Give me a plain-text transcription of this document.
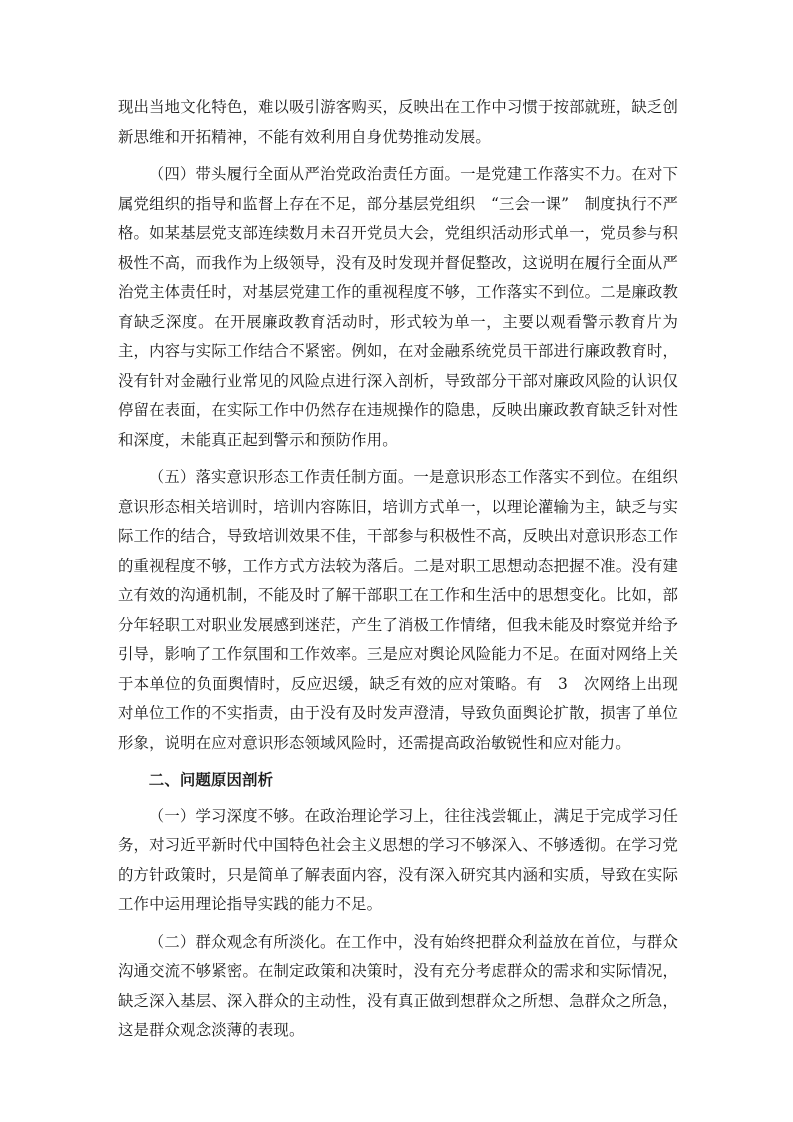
现出当地文化特色，难以吸引游客购买，反映出在工作中习惯于按部就班，缺乏创新思维和开拓精神，不能有效利用自身优势推动发展。

（四）带头履行全面从严治党政治责任方面。一是党建工作落实不力。在对下属党组织的指导和监督上存在不足，部分基层党组织　“三会一课”　制度执行不严格。如某基层党支部连续数月未召开党员大会，党组织活动形式单一，党员参与积极性不高，而我作为上级领导，没有及时发现并督促整改，这说明在履行全面从严治党主体责任时，对基层党建工作的重视程度不够，工作落实不到位。二是廉政教育缺乏深度。在开展廉政教育活动时，形式较为单一，主要以观看警示教育片为主，内容与实际工作结合不紧密。例如，在对金融系统党员干部进行廉政教育时，没有针对金融行业常见的风险点进行深入剖析，导致部分干部对廉政风险的认识仅停留在表面，在实际工作中仍然存在违规操作的隐患，反映出廉政教育缺乏针对性和深度，未能真正起到警示和预防作用。

（五）落实意识形态工作责任制方面。一是意识形态工作落实不到位。在组织意识形态相关培训时，培训内容陈旧，培训方式单一，以理论灌输为主，缺乏与实际工作的结合，导致培训效果不佳，干部参与积极性不高，反映出对意识形态工作的重视程度不够，工作方式方法较为落后。二是对职工思想动态把握不准。没有建立有效的沟通机制，不能及时了解干部职工在工作和生活中的思想变化。比如，部分年轻职工对职业发展感到迷茫，产生了消极工作情绪，但我未能及时察觉并给予引导，影响了工作氛围和工作效率。三是应对舆论风险能力不足。在面对网络上关于本单位的负面舆情时，反应迟缓，缺乏有效的应对策略。有　3　次网络上出现对单位工作的不实指责，由于没有及时发声澄清，导致负面舆论扩散，损害了单位形象，说明在应对意识形态领域风险时，还需提高政治敏锐性和应对能力。

二、问题原因剖析

（一）学习深度不够。在政治理论学习上，往往浅尝辄止，满足于完成学习任务，对习近平新时代中国特色社会主义思想的学习不够深入、不够透彻。在学习党的方针政策时，只是简单了解表面内容，没有深入研究其内涵和实质，导致在实际工作中运用理论指导实践的能力不足。

（二）群众观念有所淡化。在工作中，没有始终把群众利益放在首位，与群众沟通交流不够紧密。在制定政策和决策时，没有充分考虑群众的需求和实际情况，缺乏深入基层、深入群众的主动性，没有真正做到想群众之所想、急群众之所急，这是群众观念淡薄的表现。
